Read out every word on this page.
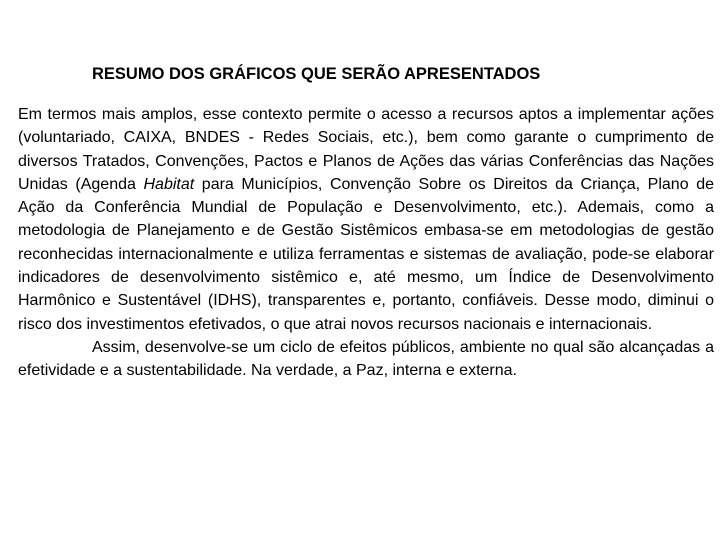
RESUMO DOS GRÁFICOS QUE SERÃO APRESENTADOS

Em termos mais amplos, esse contexto permite o acesso a recursos aptos a implementar ações (voluntariado, CAIXA, BNDES - Redes Sociais, etc.), bem como garante o cumprimento de diversos Tratados, Convenções, Pactos e Planos de Ações das várias Conferências das Nações Unidas (Agenda Habitat para Municípios, Convenção Sobre os Direitos da Criança, Plano de Ação da Conferência Mundial de População e Desenvolvimento, etc.). Ademais, como a metodologia de Planejamento e de Gestão Sistêmicos embasa-se em metodologias de gestão reconhecidas internacionalmente e utiliza ferramentas e sistemas de avaliação, pode-se elaborar indicadores de desenvolvimento sistêmico e, até mesmo, um Índice de Desenvolvimento Harmônico e Sustentável (IDHS), transparentes e, portanto, confiáveis. Desse modo, diminui o risco dos investimentos efetivados, o que atrai novos recursos nacionais e internacionais.

Assim, desenvolve-se um ciclo de efeitos públicos, ambiente no qual são alcançadas a efetividade e a sustentabilidade. Na verdade, a Paz, interna e externa.
